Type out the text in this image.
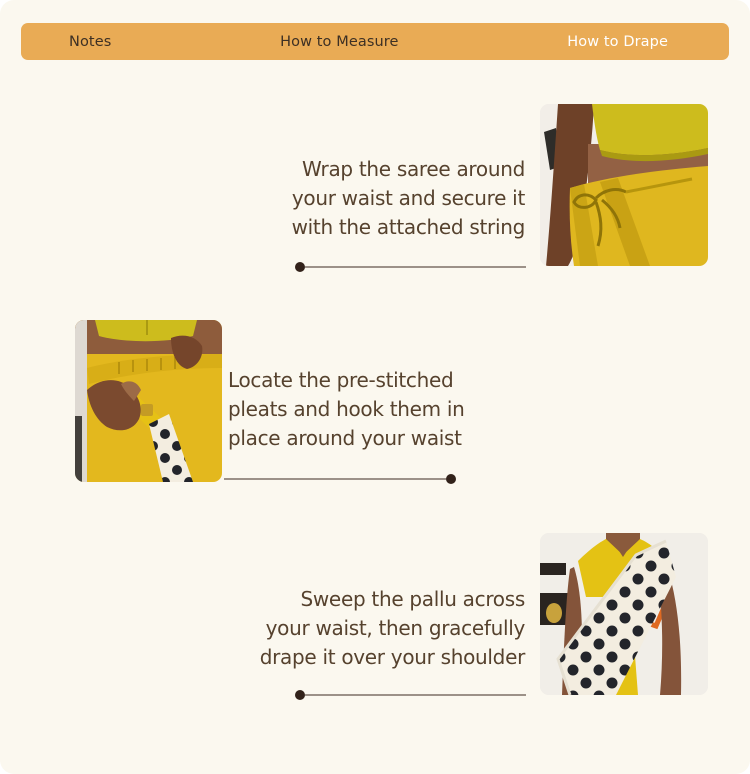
Notes	How to Measure	How to Drape
Wrap the saree around
your waist and secure it
with the attached string
Locate the pre-stitched
pleats and hook them in
place around your waist
Sweep the pallu across
your waist, then gracefully
drape it over your shoulder
